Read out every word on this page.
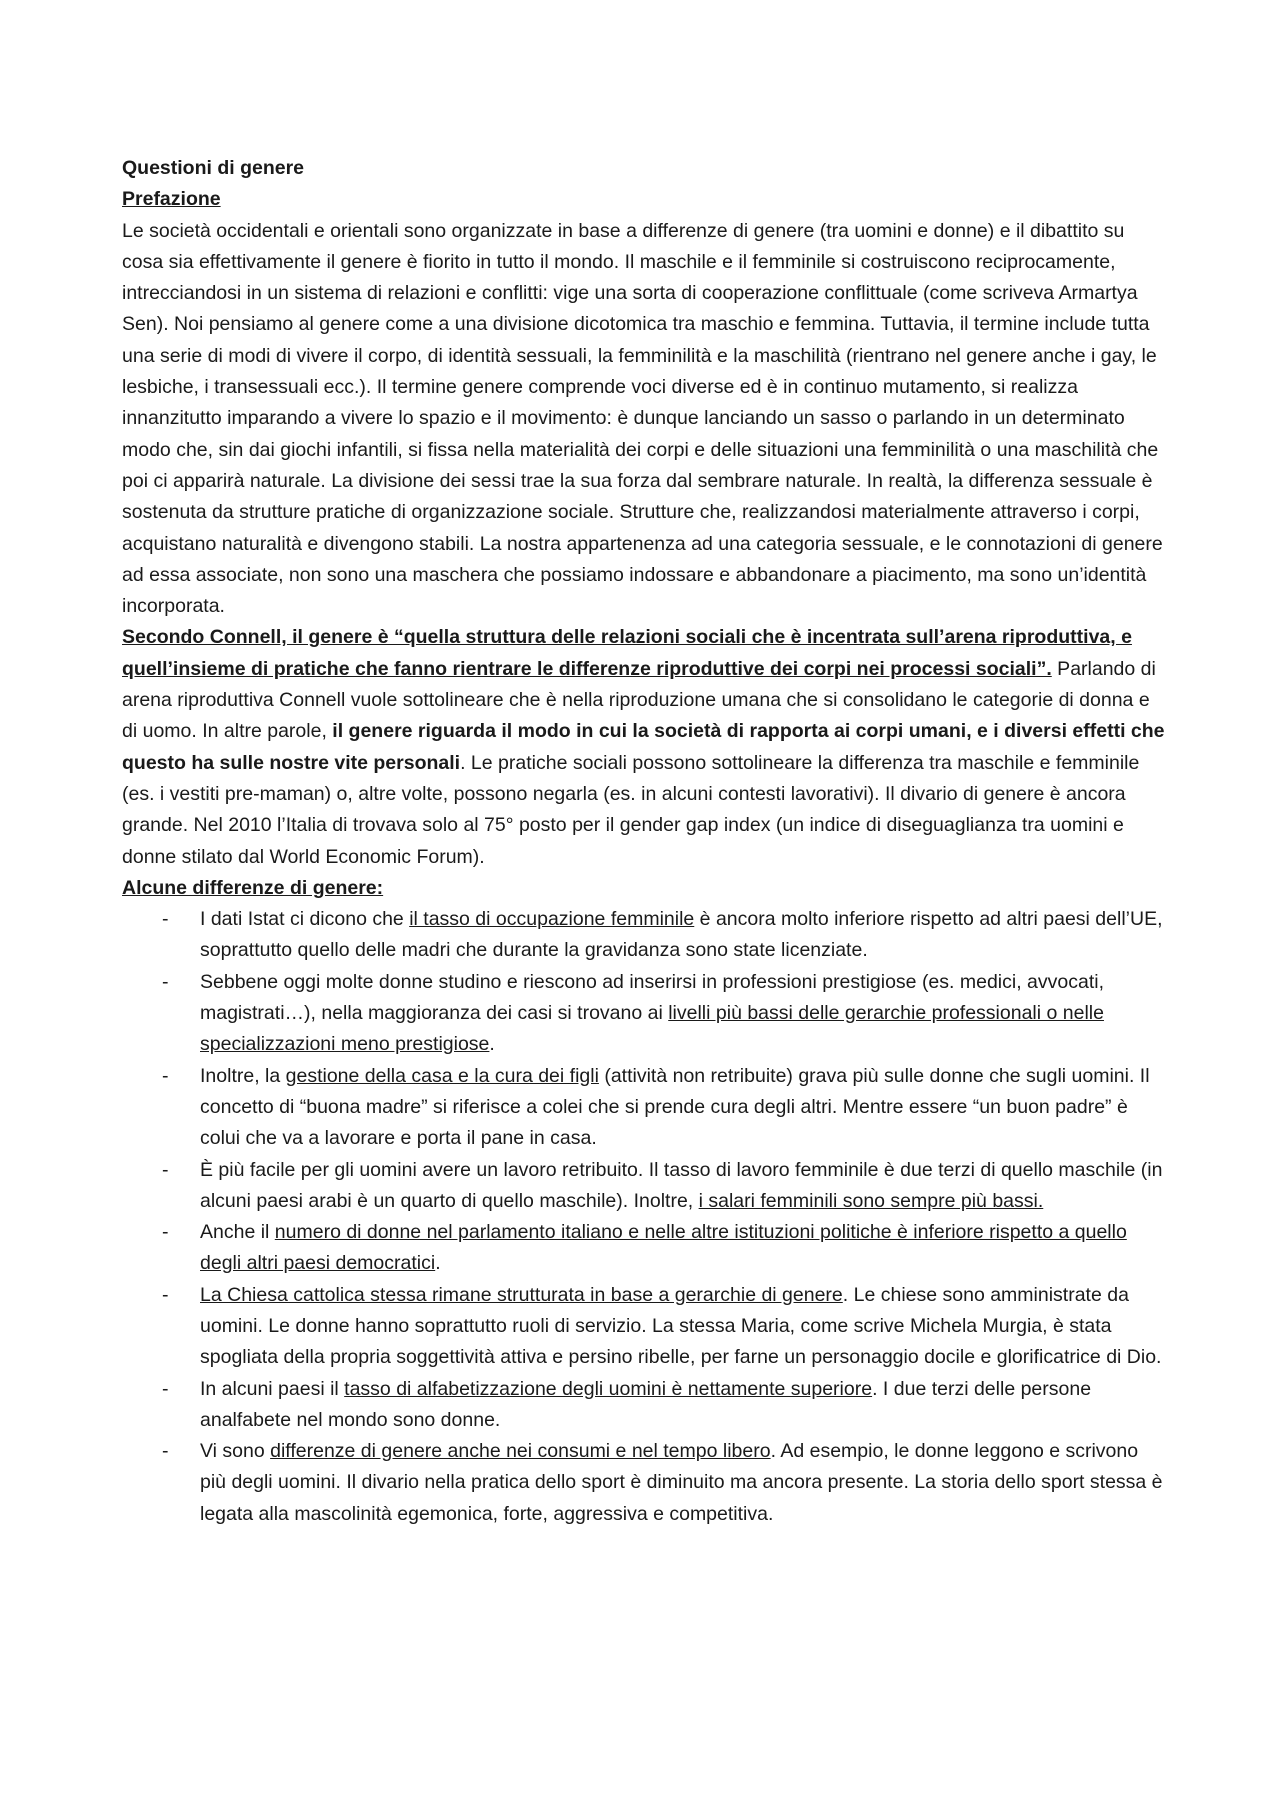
Questioni di genere

Prefazione

Le società occidentali e orientali sono organizzate in base a differenze di genere (tra uomini e donne) e il dibattito su cosa sia effettivamente il genere è fiorito in tutto il mondo. Il maschile e il femminile si costruiscono reciprocamente, intrecciandosi in un sistema di relazioni e conflitti: vige una sorta di cooperazione conflittuale (come scriveva Armartya Sen). Noi pensiamo al genere come a una divisione dicotomica tra maschio e femmina. Tuttavia, il termine include tutta una serie di modi di vivere il corpo, di identità sessuali, la femminilità e la maschilità (rientrano nel genere anche i gay, le lesbiche, i transessuali ecc.). Il termine genere comprende voci diverse ed è in continuo mutamento, si realizza innanzitutto imparando a vivere lo spazio e il movimento: è dunque lanciando un sasso o parlando in un determinato modo che, sin dai giochi infantili, si fissa nella materialità dei corpi e delle situazioni una femminilità o una maschilità che poi ci apparirà naturale. La divisione dei sessi trae la sua forza dal sembrare naturale. In realtà, la differenza sessuale è sostenuta da strutture pratiche di organizzazione sociale. Strutture che, realizzandosi materialmente attraverso i corpi, acquistano naturalità e divengono stabili. La nostra appartenenza ad una categoria sessuale, e le connotazioni di genere ad essa associate, non sono una maschera che possiamo indossare e abbandonare a piacimento, ma sono un’identità incorporata.

Secondo Connell, il genere è “quella struttura delle relazioni sociali che è incentrata sull’arena riproduttiva, e quell’insieme di pratiche che fanno rientrare le differenze riproduttive dei corpi nei processi sociali”. Parlando di arena riproduttiva Connell vuole sottolineare che è nella riproduzione umana che si consolidano le categorie di donna e di uomo. In altre parole, il genere riguarda il modo in cui la società di rapporta ai corpi umani, e i diversi effetti che questo ha sulle nostre vite personali. Le pratiche sociali possono sottolineare la differenza tra maschile e femminile (es. i vestiti pre-maman) o, altre volte, possono negarla (es. in alcuni contesti lavorativi). Il divario di genere è ancora grande. Nel 2010 l’Italia di trovava solo al 75° posto per il gender gap index (un indice di diseguaglianza tra uomini e donne stilato dal World Economic Forum).

Alcune differenze di genere:

- I dati Istat ci dicono che il tasso di occupazione femminile è ancora molto inferiore rispetto ad altri paesi dell’UE, soprattutto quello delle madri che durante la gravidanza sono state licenziate.
- Sebbene oggi molte donne studino e riescono ad inserirsi in professioni prestigiose (es. medici, avvocati, magistrati…), nella maggioranza dei casi si trovano ai livelli più bassi delle gerarchie professionali o nelle specializzazioni meno prestigiose.
- Inoltre, la gestione della casa e la cura dei figli (attività non retribuite) grava più sulle donne che sugli uomini. Il concetto di “buona madre” si riferisce a colei che si prende cura degli altri. Mentre essere “un buon padre” è colui che va a lavorare e porta il pane in casa.
- È più facile per gli uomini avere un lavoro retribuito. Il tasso di lavoro femminile è due terzi di quello maschile (in alcuni paesi arabi è un quarto di quello maschile). Inoltre, i salari femminili sono sempre più bassi.
- Anche il numero di donne nel parlamento italiano e nelle altre istituzioni politiche è inferiore rispetto a quello degli altri paesi democratici.
- La Chiesa cattolica stessa rimane strutturata in base a gerarchie di genere. Le chiese sono amministrate da uomini. Le donne hanno soprattutto ruoli di servizio. La stessa Maria, come scrive Michela Murgia, è stata spogliata della propria soggettività attiva e persino ribelle, per farne un personaggio docile e glorificatrice di Dio.
- In alcuni paesi il tasso di alfabetizzazione degli uomini è nettamente superiore. I due terzi delle persone analfabete nel mondo sono donne.
- Vi sono differenze di genere anche nei consumi e nel tempo libero. Ad esempio, le donne leggono e scrivono più degli uomini. Il divario nella pratica dello sport è diminuito ma ancora presente. La storia dello sport stessa è legata alla mascolinità egemonica, forte, aggressiva e competitiva.
